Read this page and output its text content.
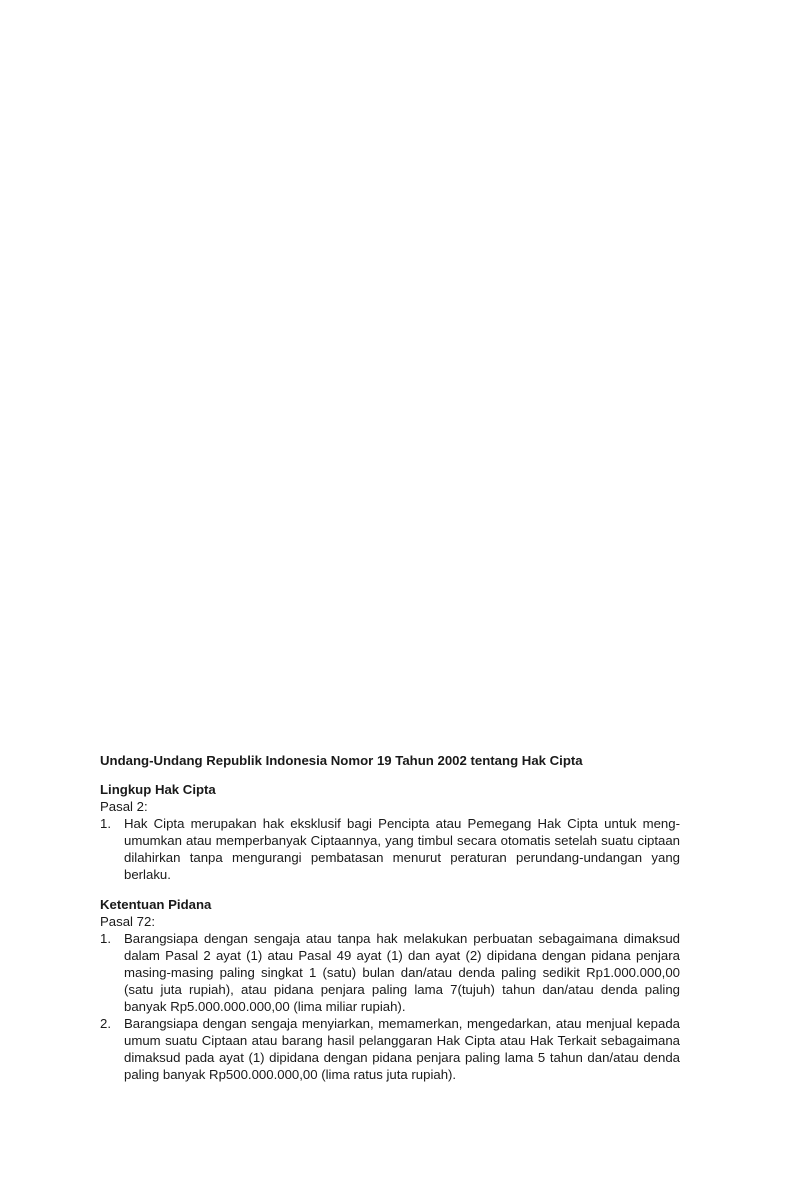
Undang-Undang Republik Indonesia Nomor 19 Tahun 2002 tentang Hak Cipta
Lingkup Hak Cipta
Pasal 2:
1. Hak Cipta merupakan hak eksklusif bagi Pencipta atau Pemegang Hak Cipta untuk meng-umumkan atau memperbanyak Ciptaannya, yang timbul secara otomatis setelah suatu ciptaan dilahirkan tanpa mengurangi pembatasan menurut peraturan perundang-undangan yang berlaku.
Ketentuan Pidana
Pasal 72:
1. Barangsiapa dengan sengaja atau tanpa hak melakukan perbuatan sebagaimana dimaksud dalam Pasal 2 ayat (1) atau Pasal 49 ayat (1) dan ayat (2) dipidana dengan pidana penjara masing-masing paling singkat 1 (satu) bulan dan/atau denda paling sedikit Rp1.000.000,00 (satu juta rupiah), atau pidana penjara paling lama 7(tujuh) tahun dan/atau denda paling banyak Rp5.000.000.000,00 (lima miliar rupiah).
2. Barangsiapa dengan sengaja menyiarkan, memamerkan, mengedarkan, atau menjual kepada umum suatu Ciptaan atau barang hasil pelanggaran Hak Cipta atau Hak Terkait sebagaimana dimaksud pada ayat (1) dipidana dengan pidana penjara paling lama 5 tahun dan/atau denda paling banyak Rp500.000.000,00 (lima ratus juta rupiah).
